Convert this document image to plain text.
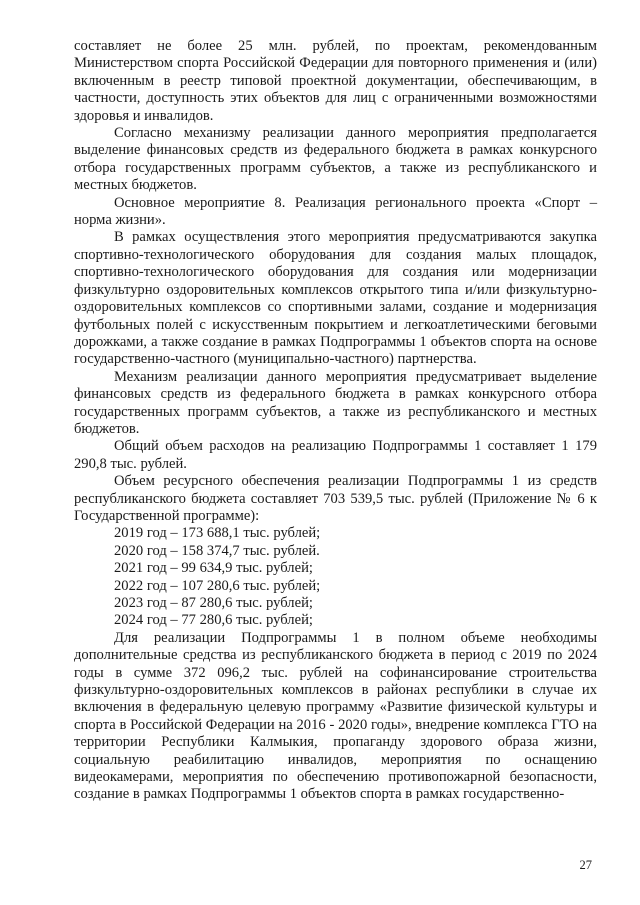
составляет не более 25 млн. рублей, по проектам, рекомендованным Министерством спорта Российской Федерации для повторного применения и (или) включенным в реестр типовой проектной документации, обеспечивающим, в частности, доступность этих объектов для лиц с ограниченными возможностями здоровья и инвалидов.

Согласно механизму реализации данного мероприятия предполагается выделение финансовых средств из федерального бюджета в рамках конкурсного отбора государственных программ субъектов, а также из республиканского и местных бюджетов.

Основное мероприятие 8. Реализация регионального проекта «Спорт – норма жизни».

В рамках осуществления этого мероприятия предусматриваются закупка спортивно-технологического оборудования для создания малых площадок, спортивно-технологического оборудования для создания или модернизации физкультурно оздоровительных комплексов открытого типа и/или физкультурно-оздоровительных комплексов со спортивными залами, создание и модернизация футбольных полей с искусственным покрытием и легкоатлетическими беговыми дорожками, а также создание в рамках Подпрограммы 1 объектов спорта на основе государственно-частного (муниципально-частного) партнерства.

Механизм реализации данного мероприятия предусматривает выделение финансовых средств из федерального бюджета в рамках конкурсного отбора государственных программ субъектов, а также из республиканского и местных бюджетов.

Общий объем расходов на реализацию Подпрограммы 1 составляет 1 179 290,8 тыс. рублей.

Объем ресурсного обеспечения реализации Подпрограммы 1 из средств республиканского бюджета составляет 703 539,5 тыс. рублей (Приложение № 6 к Государственной программе):

2019 год – 173 688,1 тыс. рублей;

2020 год – 158 374,7 тыс. рублей.

2021 год – 99 634,9 тыс. рублей;

2022 год – 107 280,6 тыс. рублей;

2023 год – 87 280,6 тыс. рублей;

2024 год – 77 280,6 тыс. рублей;

Для реализации Подпрограммы 1 в полном объеме необходимы дополнительные средства из республиканского бюджета в период с 2019 по 2024 годы в сумме 372 096,2 тыс. рублей на софинансирование строительства физкультурно-оздоровительных комплексов в районах республики в случае их включения в федеральную целевую программу «Развитие физической культуры и спорта в Российской Федерации на 2016 - 2020 годы», внедрение комплекса ГТО на территории Республики Калмыкия, пропаганду здорового образа жизни, социальную реабилитацию инвалидов, мероприятия по оснащению видеокамерами, мероприятия по обеспечению противопожарной безопасности, создание в рамках Подпрограммы 1 объектов спорта в рамках государственно-

27
